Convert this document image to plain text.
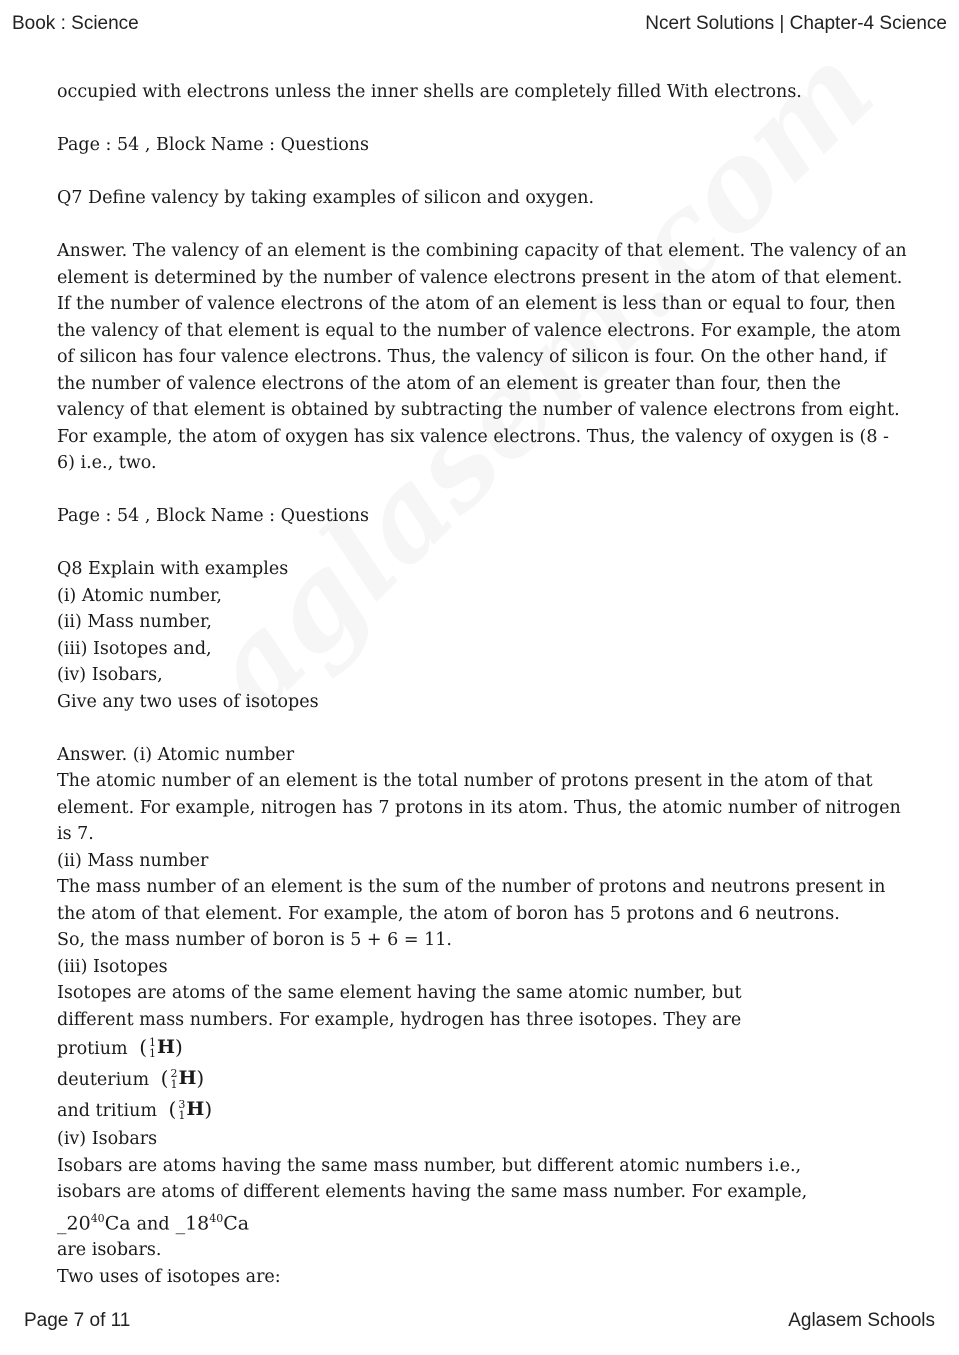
Book : Science	Ncert Solutions | Chapter-4 Science

occupied with electrons unless the inner shells are completely filled With electrons.

Page : 54 , Block Name : Questions

Q7 Define valency by taking examples of silicon and oxygen.

Answer. The valency of an element is the combining capacity of that element. The valency of an element is determined by the number of valence electrons present in the atom of that element. If the number of valence electrons of the atom of an element is less than or equal to four, then the valency of that element is equal to the number of valence electrons. For example, the atom of silicon has four valence electrons. Thus, the valency of silicon is four. On the other hand, if the number of valence electrons of the atom of an element is greater than four, then the valency of that element is obtained by subtracting the number of valence electrons from eight. For example, the atom of oxygen has six valence electrons. Thus, the valency of oxygen is (8 - 6) i.e., two.

Page : 54 , Block Name : Questions

Q8 Explain with examples

(i) Atomic number,

(ii) Mass number,

(iii) Isotopes and,

(iv) Isobars,

Give any two uses of isotopes

Answer. (i) Atomic number

The atomic number of an element is the total number of protons present in the atom of that element. For example, nitrogen has 7 protons in its atom. Thus, the atomic number of nitrogen is 7.

(ii) Mass number

The mass number of an element is the sum of the number of protons and neutrons present in the atom of that element. For example, the atom of boron has 5 protons and 6 neutrons.

So, the mass number of boron is 5 + 6 = 11.

(iii) Isotopes

Isotopes are atoms of the same element having the same atomic number, but

different mass numbers. For example, hydrogen has three isotopes. They are

protium ( 1
1 H )

deuterium ( 2
1 H )

and tritium ( 3
1 H )

(iv) Isobars

Isobars are atoms having the same mass number, but different atomic numbers i.e.,

isobars are atoms of different elements having the same mass number. For example,

$\_20^{40}Ca$ and $\_18^{40}Ca$

are isobars.

Two uses of isotopes are:

Page 7 of 11	Aglasem Schools
